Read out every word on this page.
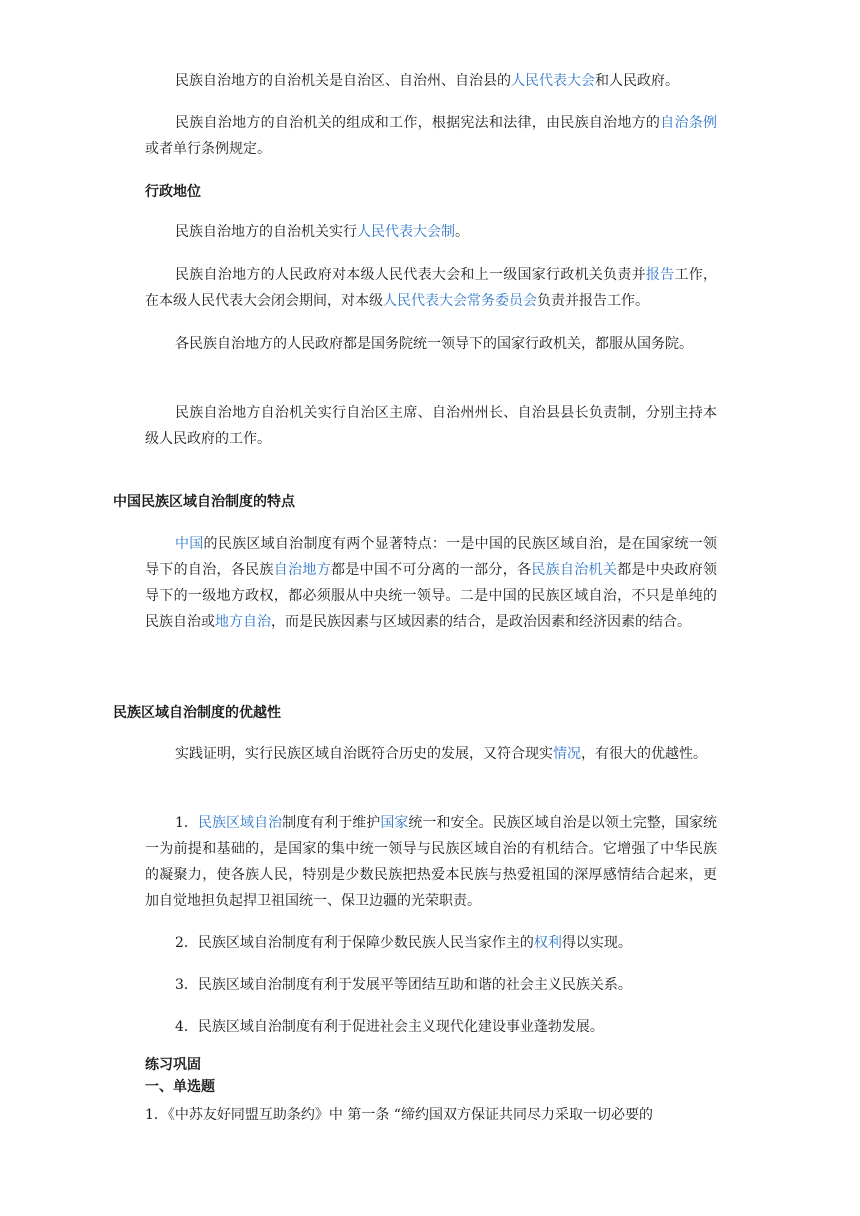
民族自治地方的自治机关是自治区、自治州、自治县的人民代表大会和人民政府。

民族自治地方的自治机关的组成和工作，根据宪法和法律，由民族自治地方的自治条例或者单行条例规定。

行政地位

民族自治地方的自治机关实行人民代表大会制。

民族自治地方的人民政府对本级人民代表大会和上一级国家行政机关负责并报告工作，在本级人民代表大会闭会期间，对本级人民代表大会常务委员会负责并报告工作。

各民族自治地方的人民政府都是国务院统一领导下的国家行政机关，都服从国务院。

民族自治地方自治机关实行自治区主席、自治州州长、自治县县长负责制，分别主持本级人民政府的工作。

中国民族区域自治制度的特点

中国的民族区域自治制度有两个显著特点：一是中国的民族区域自治，是在国家统一领导下的自治，各民族自治地方都是中国不可分离的一部分，各民族自治机关都是中央政府领导下的一级地方政权，都必须服从中央统一领导。二是中国的民族区域自治，不只是单纯的民族自治或地方自治，而是民族因素与区域因素的结合，是政治因素和经济因素的结合。

民族区域自治制度的优越性

实践证明，实行民族区域自治既符合历史的发展，又符合现实情况，有很大的优越性。

1．民族区域自治制度有利于维护国家统一和安全。民族区域自治是以领土完整，国家统一为前提和基础的，是国家的集中统一领导与民族区域自治的有机结合。它增强了中华民族的凝聚力，使各族人民，特别是少数民族把热爱本民族与热爱祖国的深厚感情结合起来，更加自觉地担负起捍卫祖国统一、保卫边疆的光荣职责。

2．民族区域自治制度有利于保障少数民族人民当家作主的权利得以实现。

3．民族区域自治制度有利于发展平等团结互助和谐的社会主义民族关系。

4．民族区域自治制度有利于促进社会主义现代化建设事业蓬勃发展。

练习巩固
一、单选题

1．《中苏友好同盟互助条约》中 第一条 “缔约国双方保证共同尽力采取一切必要的
